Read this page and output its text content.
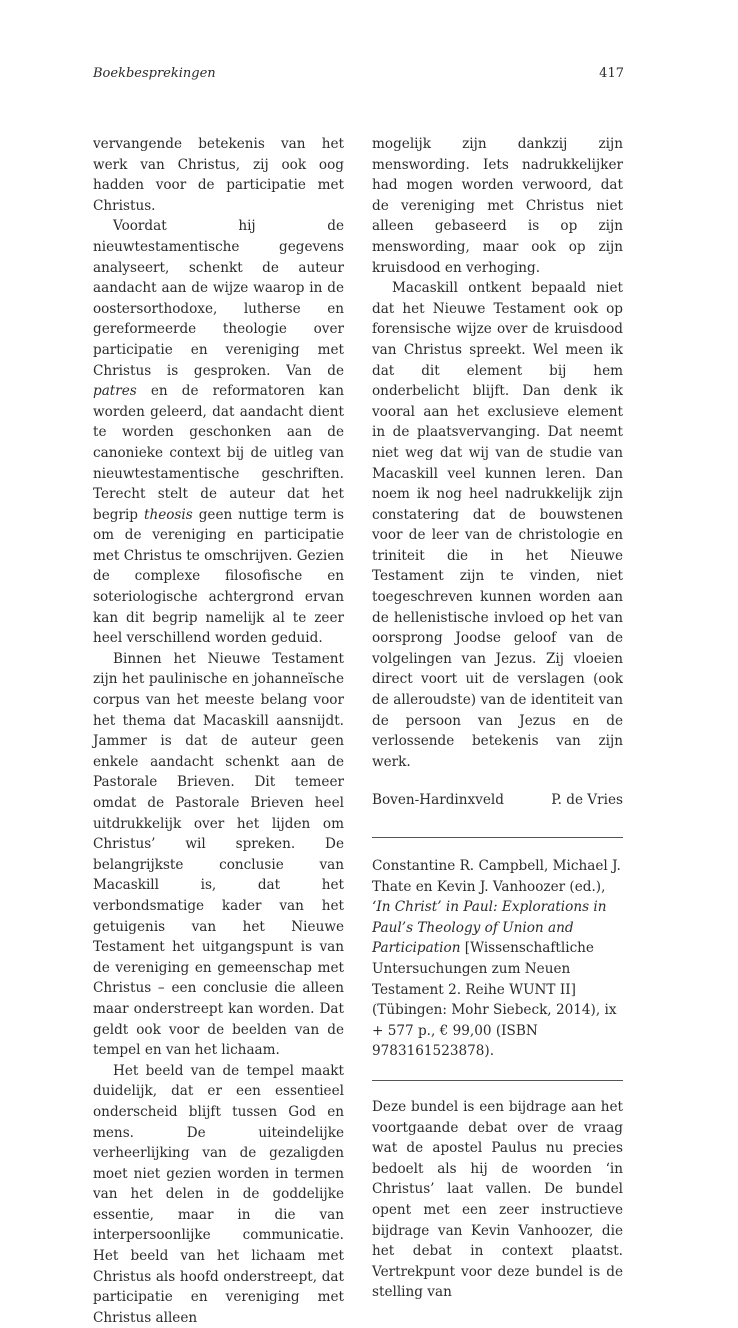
Boekbesprekingen	417

vervangende betekenis van het werk van Christus, zij ook oog hadden voor de participatie met Christus.

Voordat hij de nieuwtestamentische gegevens analyseert, schenkt de auteur aandacht aan de wijze waarop in de oostersorthodoxe, lutherse en gereformeerde theologie over participatie en vereniging met Christus is gesproken. Van de patres en de reformatoren kan worden geleerd, dat aandacht dient te worden geschonken aan de canonieke context bij de uitleg van nieuwtestamentische geschriften. Terecht stelt de auteur dat het begrip theosis geen nuttige term is om de vereniging en participatie met Christus te omschrijven. Gezien de complexe filosofische en soteriologische achtergrond ervan kan dit begrip namelijk al te zeer heel verschillend worden geduid.

Binnen het Nieuwe Testament zijn het paulinische en johanneïsche corpus van het meeste belang voor het thema dat Macaskill aansnijdt. Jammer is dat de auteur geen enkele aandacht schenkt aan de Pastorale Brieven. Dit temeer omdat de Pastorale Brieven heel uitdrukkelijk over het lijden om Christus’ wil spreken. De belangrijkste conclusie van Macaskill is, dat het verbondsmatige kader van het getuigenis van het Nieuwe Testament het uitgangspunt is van de vereniging en gemeenschap met Christus – een conclusie die alleen maar onderstreept kan worden. Dat geldt ook voor de beelden van de tempel en van het lichaam.

Het beeld van de tempel maakt duidelijk, dat er een essentieel onderscheid blijft tussen God en mens. De uiteindelijke verheerlijking van de gezaligden moet niet gezien worden in termen van het delen in de goddelijke essentie, maar in die van interpersoonlijke communicatie. Het beeld van het lichaam met Christus als hoofd onderstreept, dat participatie en vereniging met Christus alleen

mogelijk zijn dankzij zijn menswording. Iets nadrukkelijker had mogen worden verwoord, dat de vereniging met Christus niet alleen gebaseerd is op zijn menswording, maar ook op zijn kruisdood en verhoging.

Macaskill ontkent bepaald niet dat het Nieuwe Testament ook op forensische wijze over de kruisdood van Christus spreekt. Wel meen ik dat dit element bij hem onderbelicht blijft. Dan denk ik vooral aan het exclusieve element in de plaatsvervanging. Dat neemt niet weg dat wij van de studie van Macaskill veel kunnen leren. Dan noem ik nog heel nadrukkelijk zijn constatering dat de bouwstenen voor de leer van de christologie en triniteit die in het Nieuwe Testament zijn te vinden, niet toegeschreven kunnen worden aan de hellenistische invloed op het van oorsprong Joodse geloof van de volgelingen van Jezus. Zij vloeien direct voort uit de verslagen (ook de alleroudste) van de identiteit van de persoon van Jezus en de verlossende betekenis van zijn werk.

Boven-Hardinxveld	P. de Vries

Constantine R. Campbell, Michael J. Thate en Kevin J. Vanhoozer (ed.), ‘In Christ’ in Paul: Explorations in Paul’s Theology of Union and Participation [Wissenschaftliche Untersuchungen zum Neuen Testament 2. Reihe WUNT II] (Tübingen: Mohr Siebeck, 2014), ix + 577 p., € 99,00 (ISBN 9783161523878).

Deze bundel is een bijdrage aan het voortgaande debat over de vraag wat de apostel Paulus nu precies bedoelt als hij de woorden ‘in Christus’ laat vallen. De bundel opent met een zeer instructieve bijdrage van Kevin Vanhoozer, die het debat in context plaatst. Vertrekpunt voor deze bundel is de stelling van
